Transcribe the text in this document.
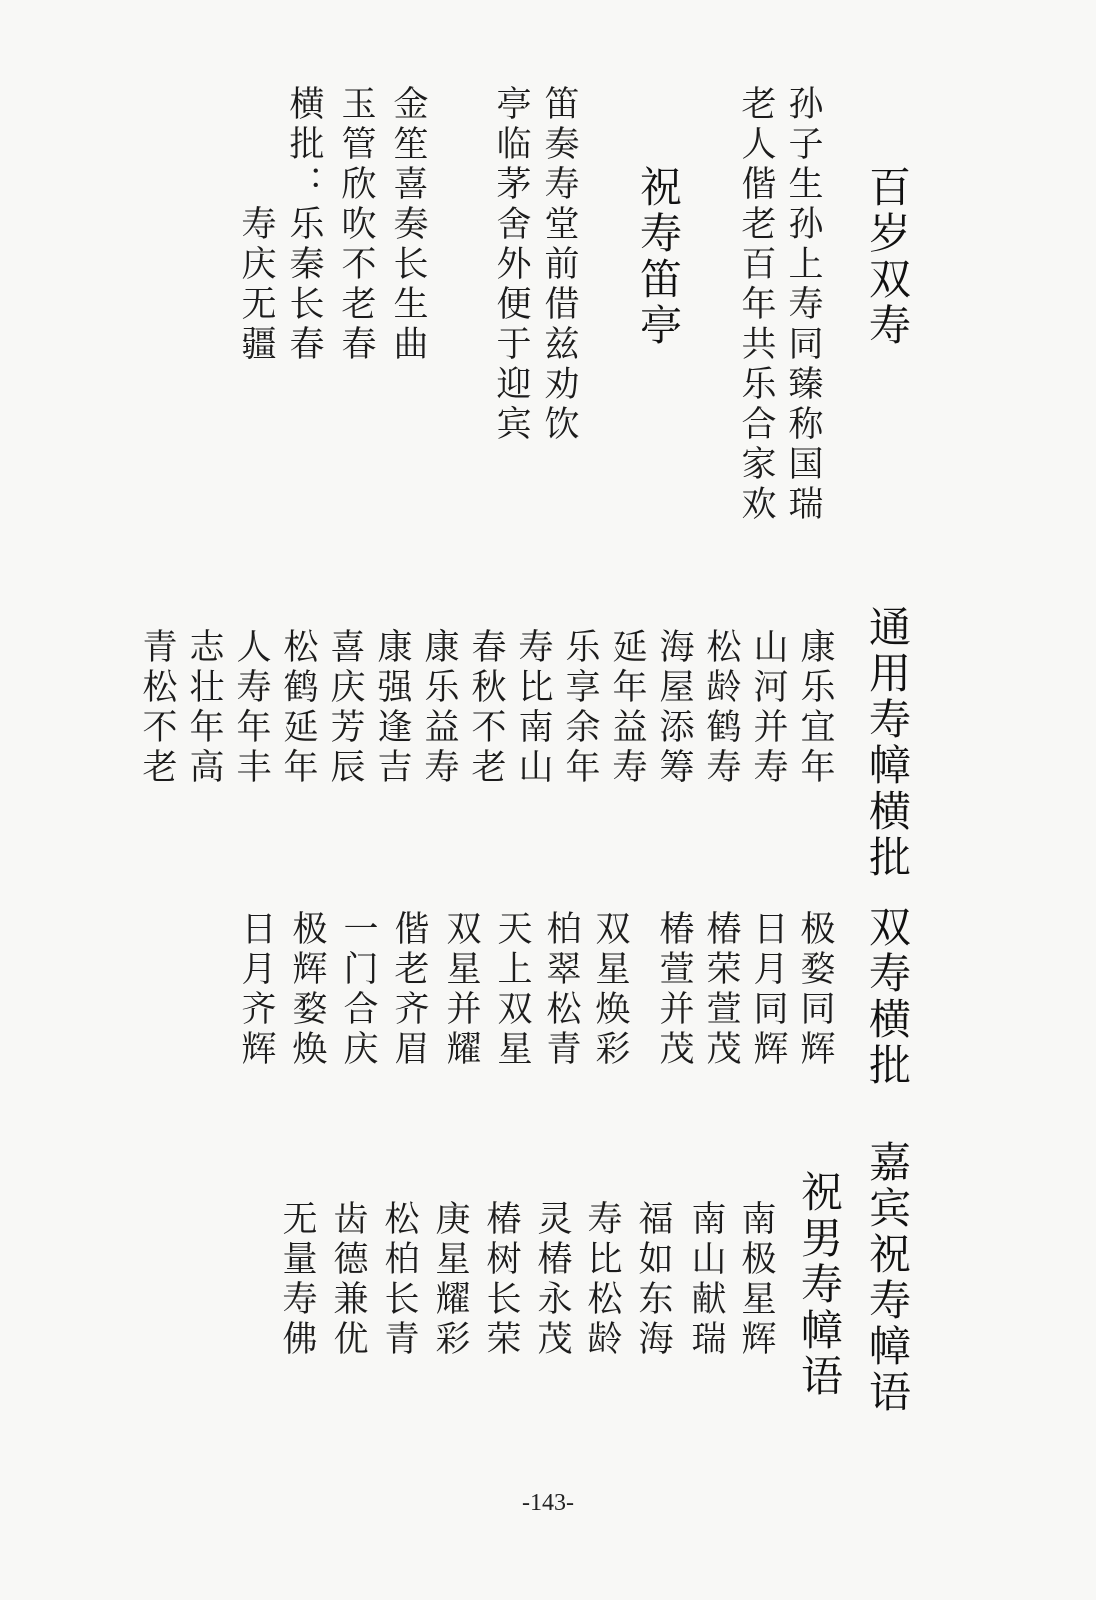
百岁双寿
孙子生孙上寿同臻称国瑞
老人偕老百年共乐合家欢
祝寿笛亭
笛奏寿堂前借兹劝饮
亭临茅舍外便于迎宾
金笙喜奏长生曲
玉管欣吹不老春
横批：
乐秦长春
寿庆无疆
通用寿幛横批
康乐宜年
山河并寿
松龄鹤寿
海屋添筹
延年益寿
乐享余年
寿比南山
春秋不老
康乐益寿
康强逢吉
喜庆芳辰
松鹤延年
人寿年丰
志壮年高
青松不老
双寿横批
极婺同辉
日月同辉
椿荣萱茂
椿萱并茂
双星焕彩
柏翠松青
天上双星
双星并耀
偕老齐眉
一门合庆
极辉婺焕
日月齐辉
嘉宾祝寿幛语
祝男寿幛语
南极星辉
南山献瑞
福如东海
寿比松龄
灵椿永茂
椿树长荣
庚星耀彩
松柏长青
齿德兼优
无量寿佛
-143-
